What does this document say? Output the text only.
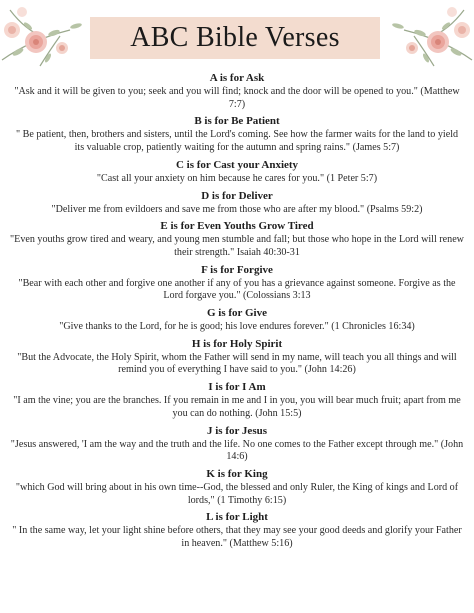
ABC Bible Verses
A is for Ask
"Ask and it will be given to you; seek and you will find; knock and the door will be opened to you." (Matthew 7:7)
B is for Be Patient
" Be patient, then, brothers and sisters, until the Lord's coming. See how the farmer waits for the land to yield its valuable crop, patiently waiting for the autumn and spring rains." (James 5:7)
C is for Cast your Anxiety
"Cast all your anxiety on him because he cares for you." (1 Peter 5:7)
D is for Deliver
"Deliver me from evildoers and save me from those who are after my blood." (Psalms 59:2)
E is for Even Youths Grow Tired
"Even youths grow tired and weary, and young men stumble and fall; but those who hope in the Lord will renew their strength." Isaiah 40:30-31
F is for Forgive
"Bear with each other and forgive one another if any of you has a grievance against someone. Forgive as the Lord forgave you." (Colossians 3:13
G is for Give
"Give thanks to the Lord, for he is good; his love endures forever." (1 Chronicles 16:34)
H is for Holy Spirit
"But the Advocate, the Holy Spirit, whom the Father will send in my name, will teach you all things and will remind you of everything I have said to you." (John 14:26)
I is for I Am
"I am the vine; you are the branches. If you remain in me and I in you, you will bear much fruit; apart from me you can do nothing. (John 15:5)
J is for Jesus
"Jesus answered, 'I am the way and the truth and the life. No one comes to the Father except through me." (John 14:6)
K is for King
"which God will bring about in his own time--God, the blessed and only Ruler, the King of kings and Lord of lords," (1 Timothy 6:15)
L is for Light
" In the same way, let your light shine before others, that they may see your good deeds and glorify your Father in heaven." (Matthew 5:16)
